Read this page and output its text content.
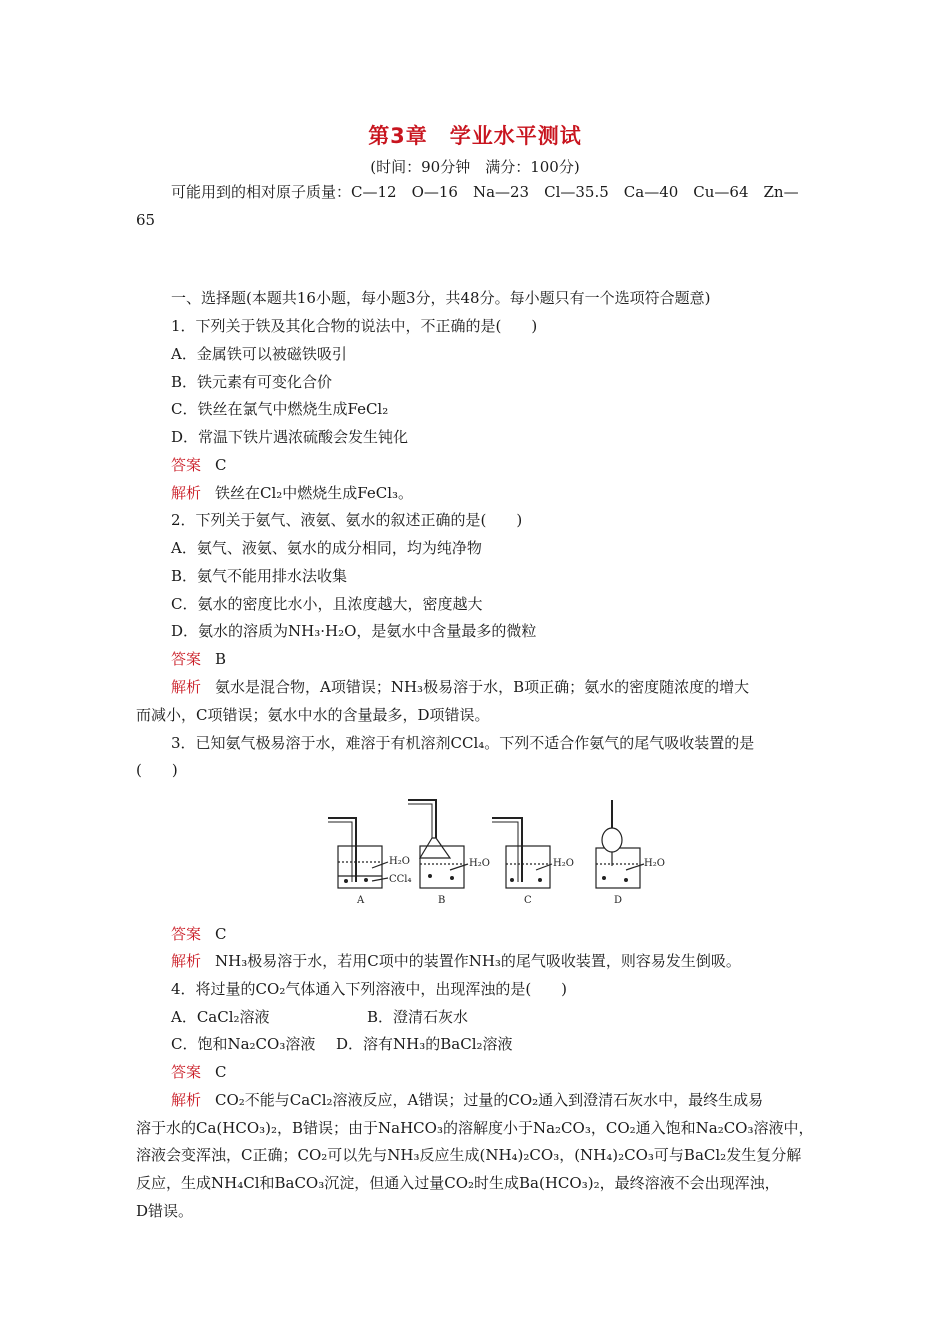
第3章　学业水平测试
(时间：90分钟　满分：100分)
可能用到的相对原子质量：C—12　O—16　Na—23　Cl—35.5　Ca—40　Cu—64　Zn—
65
一、选择题(本题共16小题，每小题3分，共48分。每小题只有一个选项符合题意)
1．下列关于铁及其化合物的说法中，不正确的是(　　)
A．金属铁可以被磁铁吸引
B．铁元素有可变化合价
C．铁丝在氯气中燃烧生成FeCl₂
D．常温下铁片遇浓硫酸会发生钝化
答案 C
解析 铁丝在Cl₂中燃烧生成FeCl₃。
2．下列关于氨气、液氨、氨水的叙述正确的是(　　)
A．氨气、液氨、氨水的成分相同，均为纯净物
B．氨气不能用排水法收集
C．氨水的密度比水小，且浓度越大，密度越大
D．氨水的溶质为NH₃·H₂O，是氨水中含量最多的微粒
答案 B
解析 氨水是混合物，A项错误；NH₃极易溶于水，B项正确；氨水的密度随浓度的增大
而减小，C项错误；氨水中水的含量最多，D项错误。
3．已知氨气极易溶于水，难溶于有机溶剂CCl₄。下列不适合作氨气的尾气吸收装置的是
(　　)
H₂O
CCl₄
H₂O	H₂O	H₂O
A	B	C	D
答案 C
解析 NH₃极易溶于水，若用C项中的装置作NH₃的尾气吸收装置，则容易发生倒吸。
4．将过量的CO₂气体通入下列溶液中，出现浑浊的是(　　)
A．CaCl₂溶液	B．澄清石灰水
C．饱和Na₂CO₃溶液 D．溶有NH₃的BaCl₂溶液
答案 C
解析 CO₂不能与CaCl₂溶液反应，A错误；过量的CO₂通入到澄清石灰水中，最终生成易
溶于水的Ca(HCO₃)₂，B错误；由于NaHCO₃的溶解度小于Na₂CO₃，CO₂通入饱和Na₂CO₃溶液中，
溶液会变浑浊，C正确；CO₂可以先与NH₃反应生成(NH₄)₂CO₃，(NH₄)₂CO₃可与BaCl₂发生复分解
反应，生成NH₄Cl和BaCO₃沉淀，但通入过量CO₂时生成Ba(HCO₃)₂，最终溶液不会出现浑浊，
D错误。
